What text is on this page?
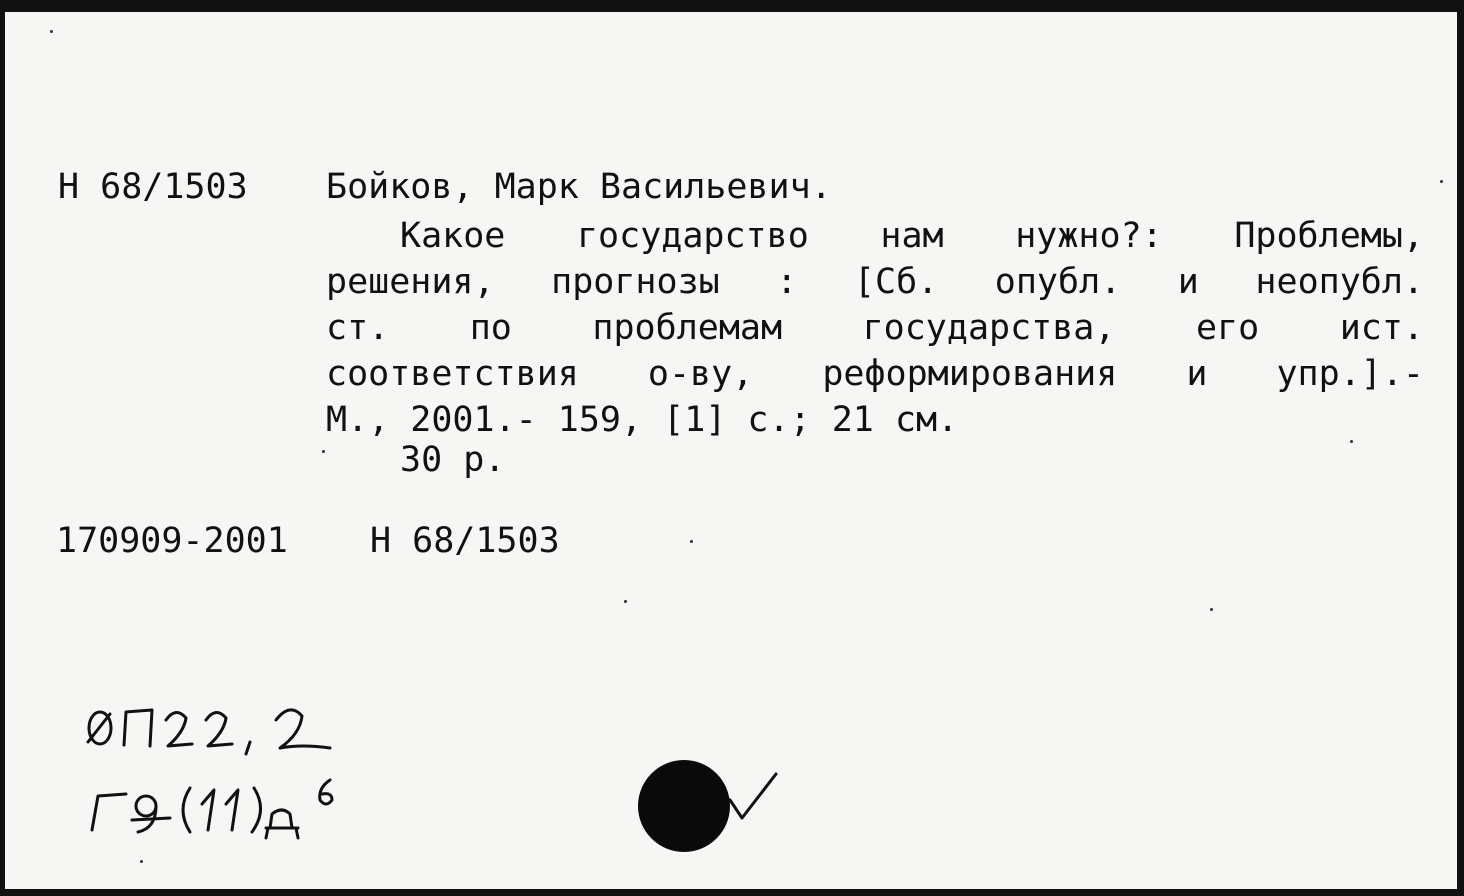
Н 68/1503 Бойков, Марк Васильевич.
Какое государство нам нужно?: Проблемы,
решения, прогнозы : [Сб. опубл. и неопубл.
ст. по проблемам государства, его ист.
соответствия о-ву, реформирования и упр.].-
М., 2001.- 159, [1] с.; 21 см.
30 р.
170909-2001 Н 68/1503
